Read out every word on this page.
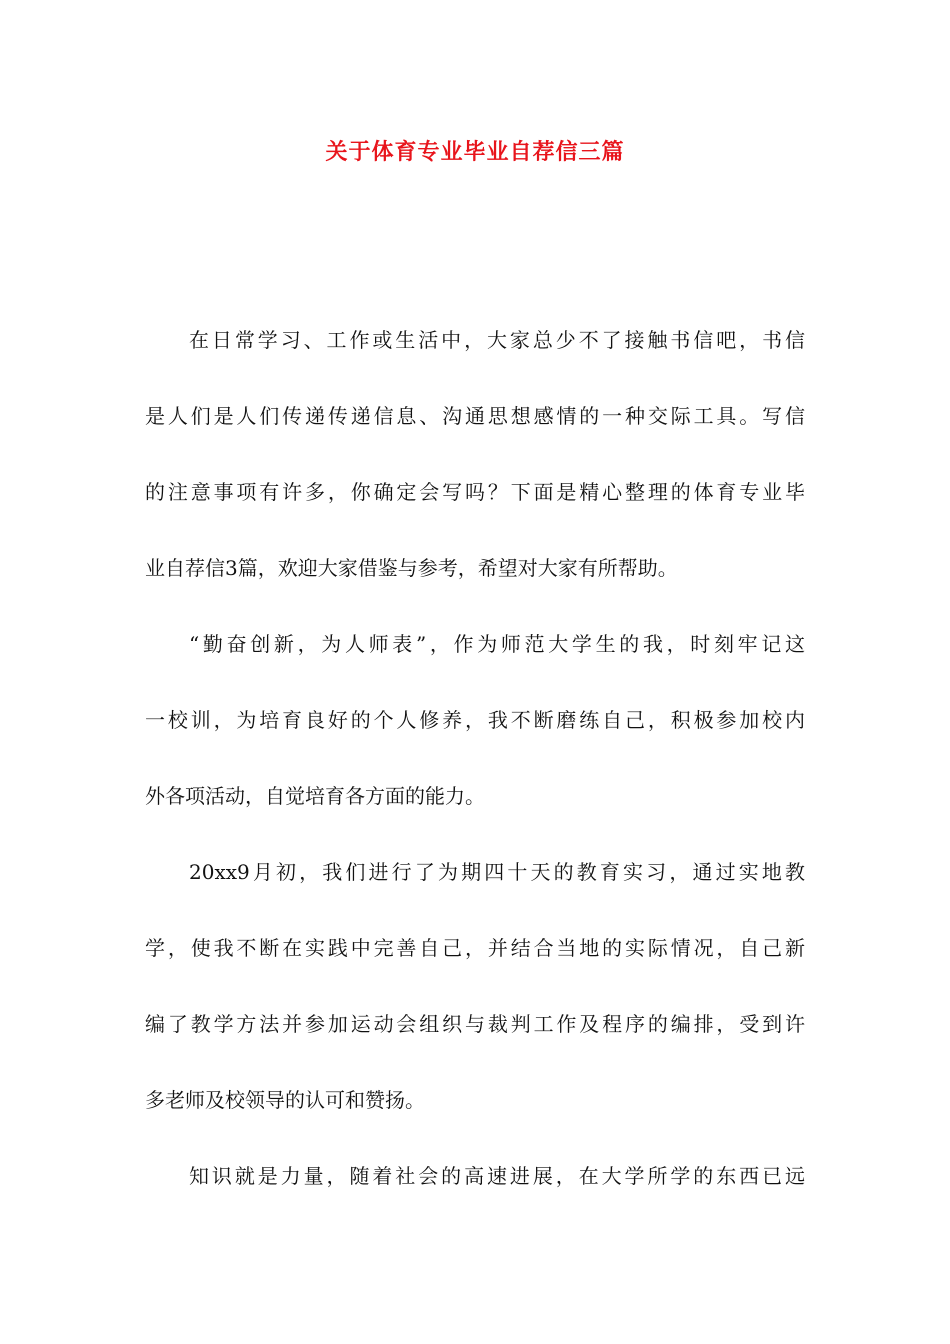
关于体育专业毕业自荐信三篇
在日常学习、工作或生活中，大家总少不了接触书信吧，书信
是人们是人们传递传递信息、沟通思想感情的一种交际工具。写信
的注意事项有许多，你确定会写吗？下面是精心整理的体育专业毕
业自荐信3篇，欢迎大家借鉴与参考，希望对大家有所帮助。
“勤奋创新，为人师表”，作为师范大学生的我，时刻牢记这
一校训，为培育良好的个人修养，我不断磨练自己，积极参加校内
外各项活动，自觉培育各方面的能力。
20xx9月初，我们进行了为期四十天的教育实习，通过实地教
学，使我不断在实践中完善自己，并结合当地的实际情况，自己新
编了教学方法并参加运动会组织与裁判工作及程序的编排，受到许
多老师及校领导的认可和赞扬。
知识就是力量，随着社会的高速进展，在大学所学的东西已远
